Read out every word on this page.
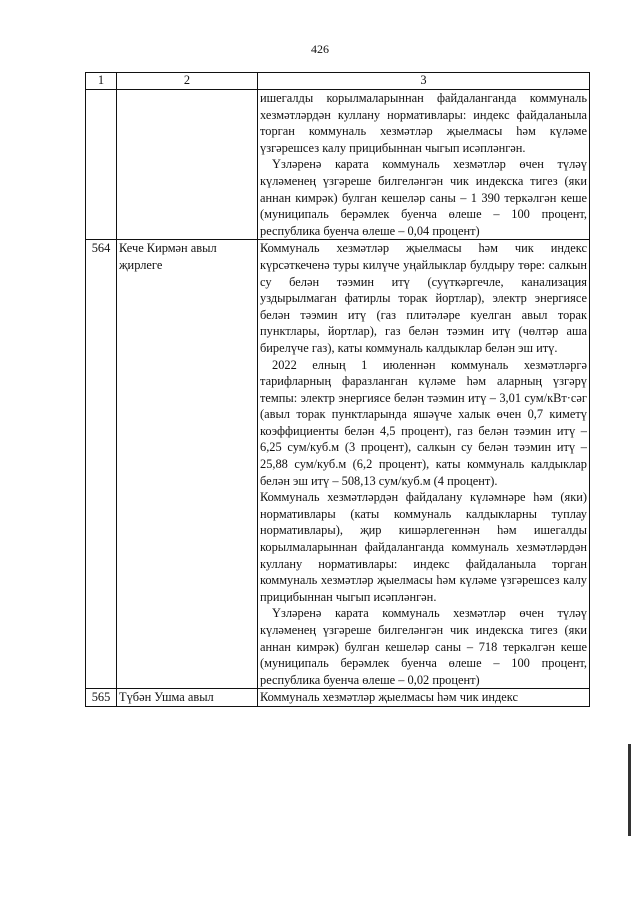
426
1	2	3

		ишегалды корылмаларыннан файдаланганда коммуналь хезмәтләрдән куллану нормативлары: индекс файдаланыла торган коммуналь хезмәтләр җыелмасы һәм күләме үзгәрешсез калу прицибыннан чыгып исәпләнгән.
Үзләренә карата коммуналь хезмәтләр өчен түләү күләменең үзгәреше билгеләнгән чик индекска тигез (яки аннан кимрәк) булган кешеләр саны – 1 390 теркәлгән кеше (муниципаль берәмлек буенча өлеше – 100 процент, республика буенча өлеше – 0,04 процент)

564	Кече Кирмән авыл җирлеге	Коммуналь хезмәтләр җыелмасы һәм чик индекс күрсәткеченә туры килүче уңайлыклар булдыру төре: салкын су белән тәэмин итү (суүткәргечле, канализация уздырылмаган фатирлы торак йортлар), электр энергиясе белән тәэмин итү (газ плитәләре куелган авыл торак пунктлары, йортлар), газ белән тәэмин итү (чөлтәр аша бирелүче газ), каты коммуналь калдыклар белән эш итү.
2022 елның 1 июленнән коммуналь хезмәтләргә тарифларның фаразланган күләме һәм аларның үзгәрү темпы: электр энергиясе белән тәэмин итү – 3,01 сум/кВт·сәг (авыл торак пунктларында яшәүче халык өчен 0,7 киметү коэффициенты белән 4,5 процент), газ белән тәэмин итү – 6,25 сум/куб.м (3 процент), салкын су белән тәэмин итү – 25,88 сум/куб.м (6,2 процент), каты коммуналь калдыклар белән эш итү – 508,13 сум/куб.м (4 процент).
Коммуналь хезмәтләрдән файдалану күләмнәре һәм (яки) нормативлары (каты коммуналь калдыкларны туплау нормативлары), җир кишәрлегеннән һәм ишегалды корылмаларыннан файдаланганда коммуналь хезмәтләрдән куллану нормативлары: индекс файдаланыла торган коммуналь хезмәтләр җыелмасы һәм күләме үзгәрешсез калу прицибыннан чыгып исәпләнгән.
Үзләренә карата коммуналь хезмәтләр өчен түләү күләменең үзгәреше билгеләнгән чик индекска тигез (яки аннан кимрәк) булган кешеләр саны – 718 теркәлгән кеше (муниципаль берәмлек буенча өлеше – 100 процент, республика буенча өлеше – 0,02 процент)

565	Түбән Ушма авыл	Коммуналь хезмәтләр җыелмасы һәм чик индекс
